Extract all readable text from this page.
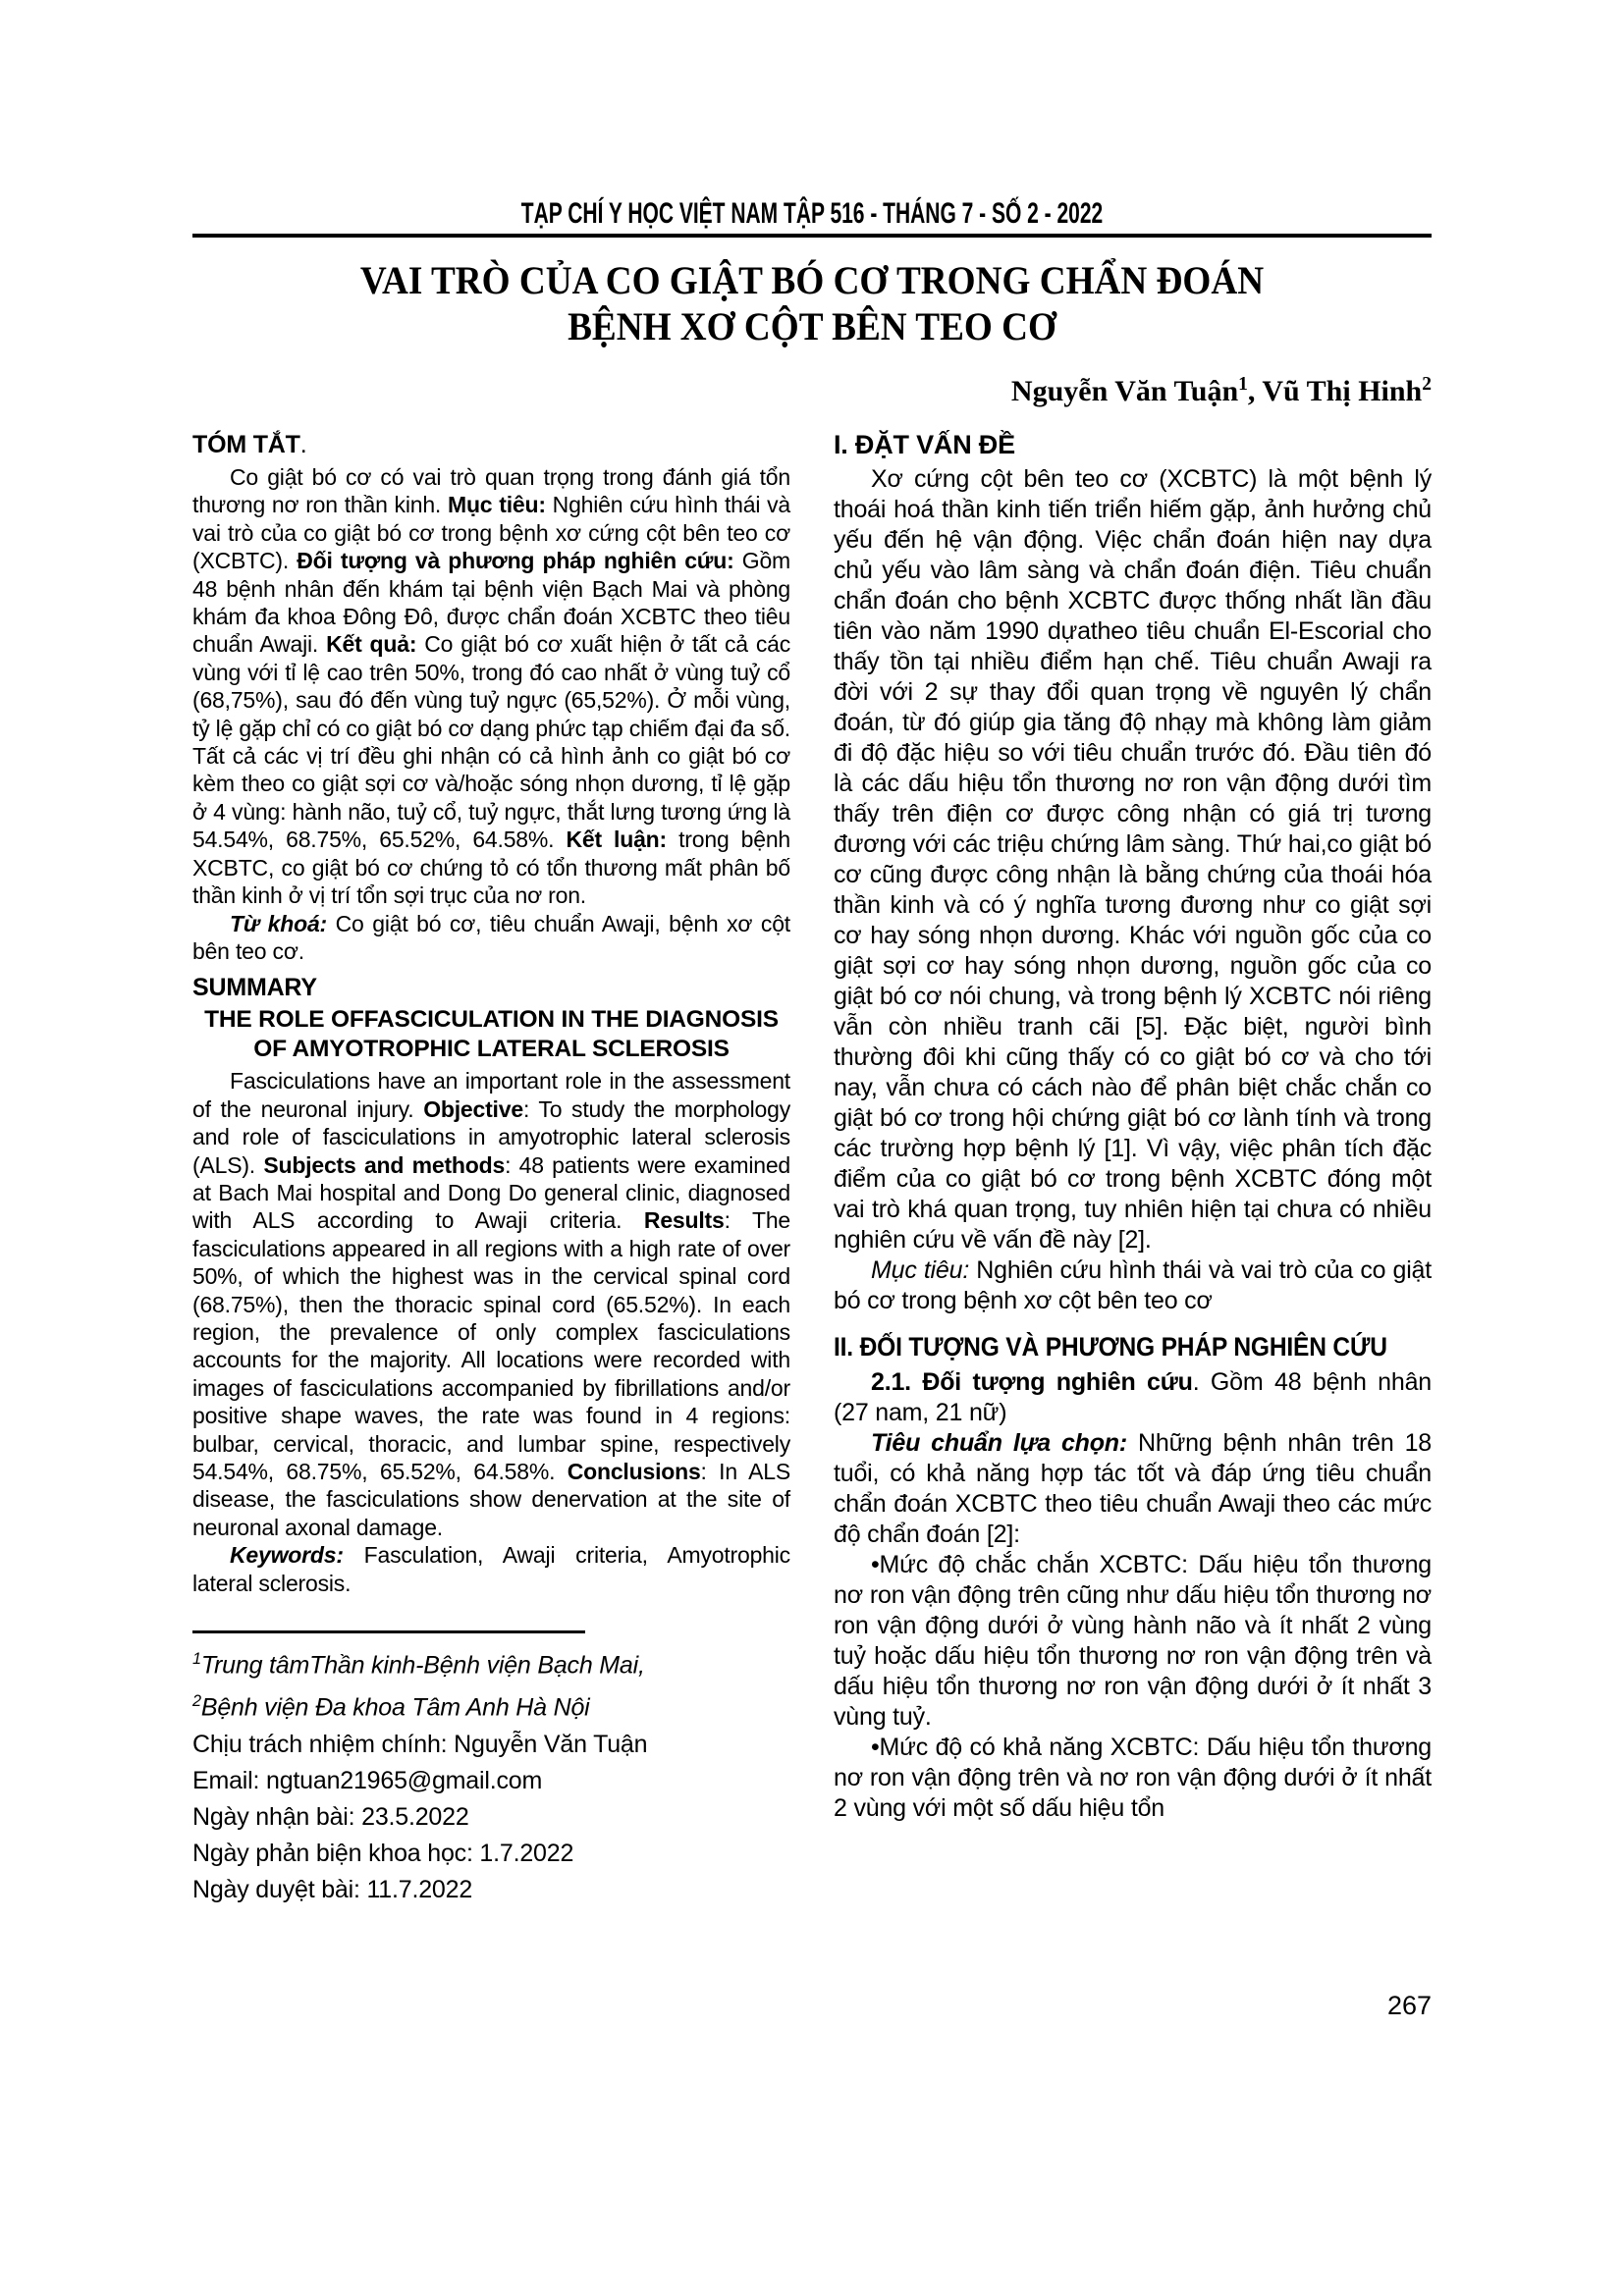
TẠP CHÍ Y HỌC VIỆT NAM TẬP 516 - THÁNG 7 - SỐ 2 - 2022
VAI TRÒ CỦA CO GIẬT BÓ CƠ TRONG CHẨN ĐOÁN
BỆNH XƠ CỘT BÊN TEO CƠ
Nguyễn Văn Tuận$^1$, Vũ Thị Hinh$^2$
TÓM TẮT.

Co giật bó cơ có vai trò quan trọng trong đánh giá tổn thương nơ ron thần kinh. Mục tiêu: Nghiên cứu hình thái và vai trò của co giật bó cơ trong bệnh xơ cứng cột bên teo cơ (XCBTC). Đối tượng và phương pháp nghiên cứu: Gồm 48 bệnh nhân đến khám tại bệnh viện Bạch Mai và phòng khám đa khoa Đông Đô, được chẩn đoán XCBTC theo tiêu chuẩn Awaji. Kết quả: Co giật bó cơ xuất hiện ở tất cả các vùng với tỉ lệ cao trên 50%, trong đó cao nhất ở vùng tuỷ cổ (68,75%), sau đó đến vùng tuỷ ngực (65,52%). Ở mỗi vùng, tỷ lệ gặp chỉ có co giật bó cơ dạng phức tạp chiếm đại đa số. Tất cả các vị trí đều ghi nhận có cả hình ảnh co giật bó cơ kèm theo co giật sợi cơ và/hoặc sóng nhọn dương, tỉ lệ gặp ở 4 vùng: hành não, tuỷ cổ, tuỷ ngực, thắt lưng tương ứng là 54.54%, 68.75%, 65.52%, 64.58%. Kết luận: trong bệnh XCBTC, co giật bó cơ chứng tỏ có tổn thương mất phân bố thần kinh ở vị trí tổn sợi trục của nơ ron.

Từ khoá: Co giật bó cơ, tiêu chuẩn Awaji, bệnh xơ cột bên teo cơ.

SUMMARY
THE ROLE OFFASCICULATION IN THE DIAGNOSIS OF AMYOTROPHIC LATERAL SCLEROSIS

Fasciculations have an important role in the assessment of the neuronal injury. Objective: To study the morphology and role of fasciculations in amyotrophic lateral sclerosis (ALS). Subjects and methods: 48 patients were examined at Bach Mai hospital and Dong Do general clinic, diagnosed with ALS according to Awaji criteria. Results: The fasciculations appeared in all regions with a high rate of over 50%, of which the highest was in the cervical spinal cord (68.75%), then the thoracic spinal cord (65.52%). In each region, the prevalence of only complex fasciculations accounts for the majority. All locations were recorded with images of fasciculations accompanied by fibrillations and/or positive shape waves, the rate was found in 4 regions: bulbar, cervical, thoracic, and lumbar spine, respectively 54.54%, 68.75%, 65.52%, 64.58%. Conclusions: In ALS disease, the fasciculations show denervation at the site of neuronal axonal damage.

Keywords: Fasculation, Awaji criteria, Amyotrophic lateral sclerosis.

$^1$Trung tâmThần kinh-Bệnh viện Bạch Mai,
$^2$Bệnh viện Đa khoa Tâm Anh Hà Nội
Chịu trách nhiệm chính: Nguyễn Văn Tuận
Email: ngtuan21965@gmail.com
Ngày nhận bài: 23.5.2022
Ngày phản biện khoa học: 1.7.2022
Ngày duyệt bài: 11.7.2022
I. ĐẶT VẤN ĐỀ

Xơ cứng cột bên teo cơ (XCBTC) là một bệnh lý thoái hoá thần kinh tiến triển hiếm gặp, ảnh hưởng chủ yếu đến hệ vận động. Việc chẩn đoán hiện nay dựa chủ yếu vào lâm sàng và chẩn đoán điện. Tiêu chuẩn chẩn đoán cho bệnh XCBTC được thống nhất lần đầu tiên vào năm 1990 dựatheo tiêu chuẩn El-Escorial cho thấy tồn tại nhiều điểm hạn chế. Tiêu chuẩn Awaji ra đời với 2 sự thay đổi quan trọng về nguyên lý chẩn đoán, từ đó giúp gia tăng độ nhạy mà không làm giảm đi độ đặc hiệu so với tiêu chuẩn trước đó. Đầu tiên đó là các dấu hiệu tổn thương nơ ron vận động dưới tìm thấy trên điện cơ được công nhận có giá trị tương đương với các triệu chứng lâm sàng. Thứ hai,co giật bó cơ cũng được công nhận là bằng chứng của thoái hóa thần kinh và có ý nghĩa tương đương như co giật sợi cơ hay sóng nhọn dương. Khác với nguồn gốc của co giật sợi cơ hay sóng nhọn dương, nguồn gốc của co giật bó cơ nói chung, và trong bệnh lý XCBTC nói riêng vẫn còn nhiều tranh cãi [5]. Đặc biệt, người bình thường đôi khi cũng thấy có co giật bó cơ và cho tới nay, vẫn chưa có cách nào để phân biệt chắc chắn co giật bó cơ trong hội chứng giật bó cơ lành tính và trong các trường hợp bệnh lý [1]. Vì vậy, việc phân tích đặc điểm của co giật bó cơ trong bệnh XCBTC đóng một vai trò khá quan trọng, tuy nhiên hiện tại chưa có nhiều nghiên cứu về vấn đề này [2].

Mục tiêu: Nghiên cứu hình thái và vai trò của co giật bó cơ trong bệnh xơ cột bên teo cơ

II. ĐỐI TƯỢNG VÀ PHƯƠNG PHÁP NGHIÊN CỨU

2.1. Đối tượng nghiên cứu. Gồm 48 bệnh nhân (27 nam, 21 nữ)

Tiêu chuẩn lựa chọn: Những bệnh nhân trên 18 tuổi, có khả năng hợp tác tốt và đáp ứng tiêu chuẩn chẩn đoán XCBTC theo tiêu chuẩn Awaji theo các mức độ chẩn đoán [2]:

•Mức độ chắc chắn XCBTC: Dấu hiệu tổn thương nơ ron vận động trên cũng như dấu hiệu tổn thương nơ ron vận động dưới ở vùng hành não và ít nhất 2 vùng tuỷ hoặc dấu hiệu tổn thương nơ ron vận động trên và dấu hiệu tổn thương nơ ron vận động dưới ở ít nhất 3 vùng tuỷ.

•Mức độ có khả năng XCBTC: Dấu hiệu tổn thương nơ ron vận động trên và nơ ron vận động dưới ở ít nhất 2 vùng với một số dấu hiệu tổn

267
